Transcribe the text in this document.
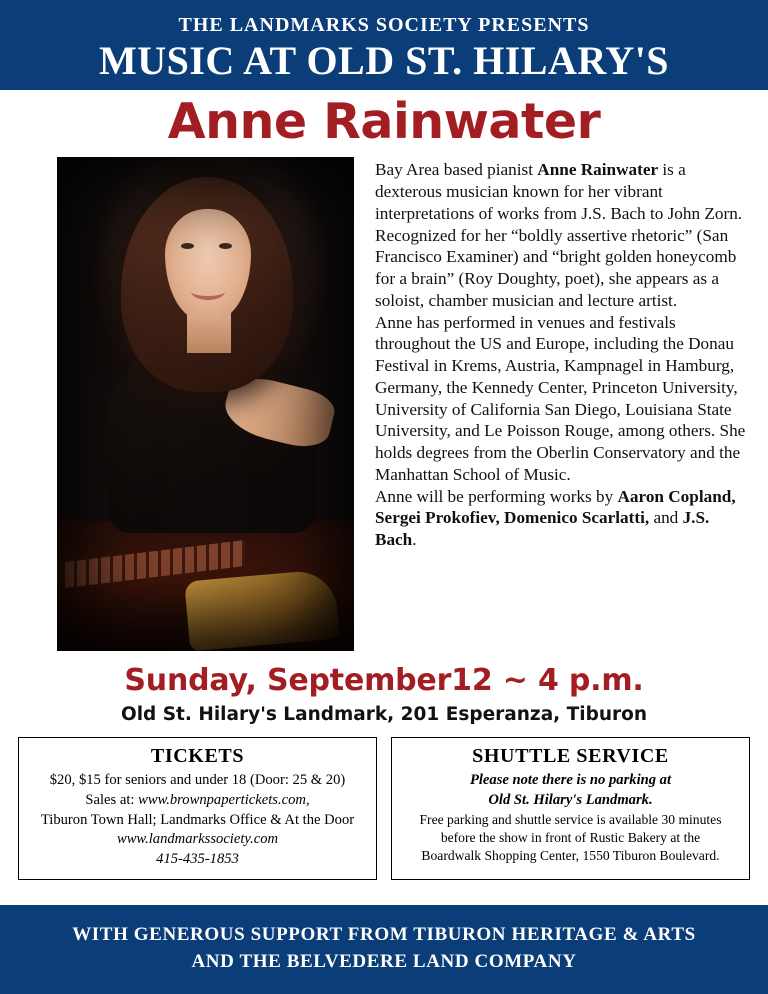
THE LANDMARKS SOCIETY PRESENTS
MUSIC AT OLD ST. HILARY'S
Anne Rainwater

Bay Area based pianist Anne Rainwater is a dexterous musician known for her vibrant interpretations of works from J.S. Bach to John Zorn.

Recognized for her “boldly assertive rhetoric” (San Francisco Examiner) and “bright golden honeycomb for a brain” (Roy Doughty, poet), she appears as a soloist, chamber musician and lecture artist.

Anne has performed in venues and festivals throughout the US and Europe, including the Donau Festival in Krems, Austria, Kampnagel in Hamburg, Germany, the Kennedy Center, Princeton University, University of California San Diego, Louisiana State University, and Le Poisson Rouge, among others. She holds degrees from the Oberlin Conservatory and the Manhattan School of Music.

Anne will be performing works by Aaron Copland, Sergei Prokofiev, Domenico Scarlatti, and J.S. Bach.

Sunday, September12 ~ 4 p.m.
Old St. Hilary's Landmark, 201 Esperanza, Tiburon
TICKETS
$20, $15 for seniors and under 18 (Door: 25 & 20)
Sales at: www.brownpapertickets.com,
Tiburon Town Hall; Landmarks Office & At the Door
www.landmarkssociety.com
415-435-1853
SHUTTLE SERVICE
Please note there is no parking at
Old St. Hilary's Landmark.
Free parking and shuttle service is available 30 minutes
before the show in front of Rustic Bakery at the
Boardwalk Shopping Center, 1550 Tiburon Boulevard.
WITH GENEROUS SUPPORT FROM TIBURON HERITAGE & ARTS
AND THE BELVEDERE LAND COMPANY
